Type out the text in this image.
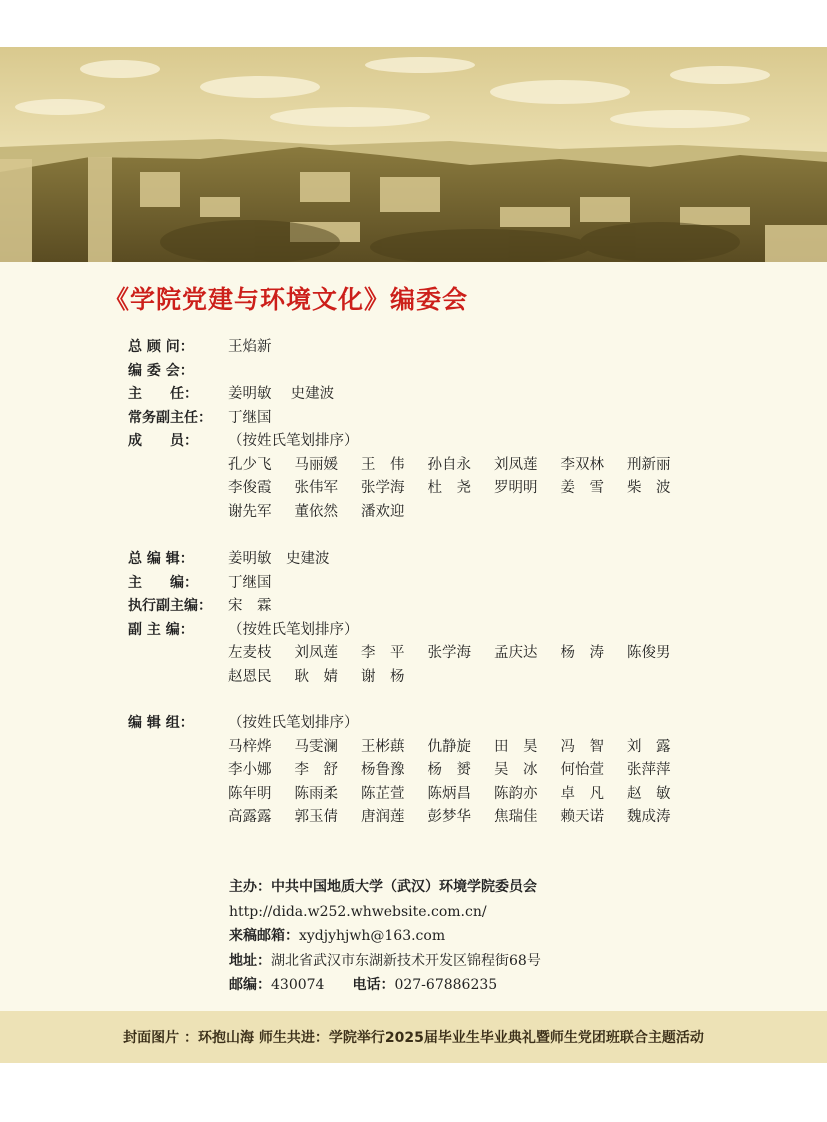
《学院党建与环境文化》编委会
总 顾 问：	王焰新
编 委 会：
主　　任：	姜明敏　 史建波
常务副主任：	丁继国
成　　员：	（按姓氏笔划排序）
孔少飞	马丽媛	王　伟	孙自永	刘凤莲	李双林	刑新丽
李俊霞	张伟军	张学海	杜　尧	罗明明	姜　雪	柴　波
谢先军	董依然	潘欢迎
总 编 辑：	姜明敏　史建波
主　　编：	丁继国
执行副主编：	宋　霖
副 主 编：	（按姓氏笔划排序）
左麦枝	刘凤莲	李　平	张学海	孟庆达	杨　涛	陈俊男
赵恩民	耿　婧	谢　杨
编 辑 组：	（按姓氏笔划排序）
马梓烨	马雯澜	王彬蕻	仇静旋	田　昊	冯　智	刘　露
李小娜	李　舒	杨鲁豫	杨　赟	吴　冰	何怡萱	张萍萍
陈年明	陈雨柔	陈芷萱	陈炳昌	陈韵亦	卓　凡	赵　敏
高露露	郭玉倩	唐润莲	彭梦华	焦瑞佳	赖天诺	魏成涛
主办：中共中国地质大学（武汉）环境学院委员会
http://dida.w252.whwebsite.com.cn/
来稿邮箱：xydjyhjwh@163.com
地址：湖北省武汉市东湖新技术开发区锦程街68号
邮编：430074 电话：027-67886235
封面图片 ：环抱山海 师生共进：学院举行2025届毕业生毕业典礼暨师生党团班联合主题活动
